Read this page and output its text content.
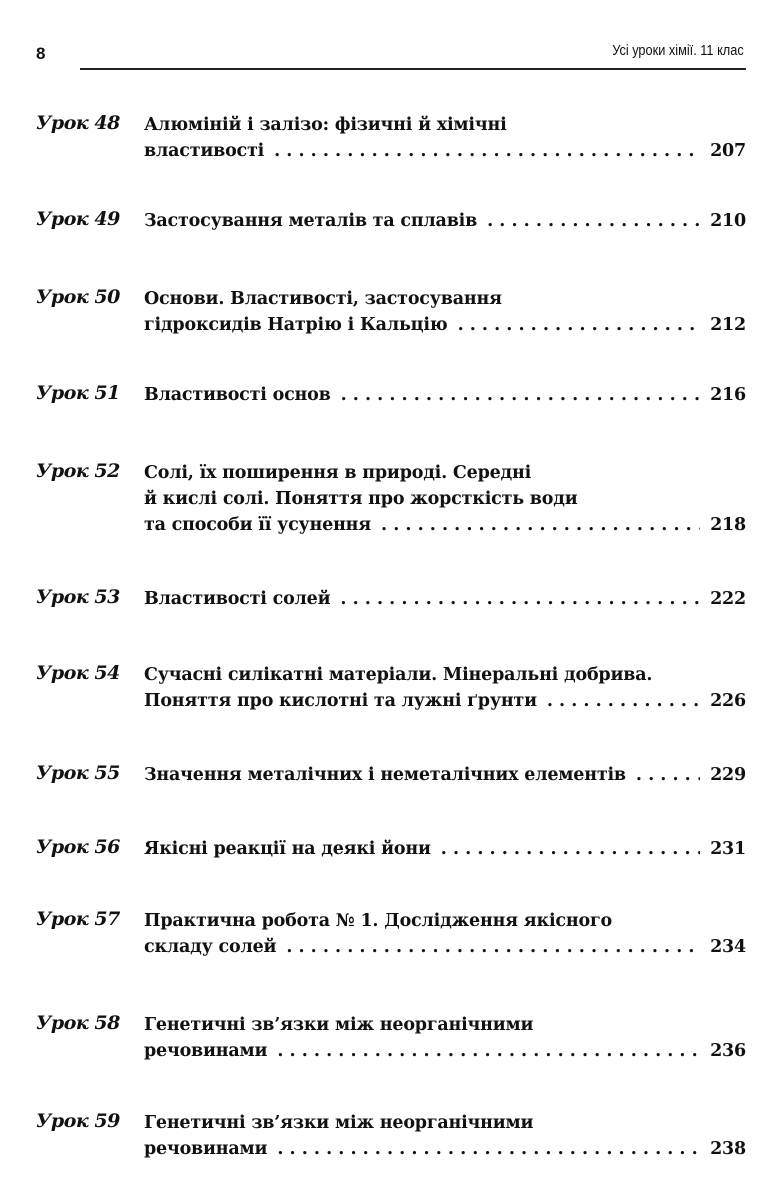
8	Усі уроки хімії. 11 клас
Урок 48 Алюміній і залізо: фізичні й хімічні
властивості . . .	207
Урок 49 Застосування металів та сплавів . . .	210
Урок 50 Основи. Властивості, застосування
гідроксидів Натрію і Кальцію . . .	212
Урок 51 Властивості основ . . .	216
Урок 52 Солі, їх поширення в природі. Середні
й кислі солі. Поняття про жорсткість води
та способи її усунення . . .	218
Урок 53 Властивості солей . . .	222
Урок 54 Сучасні силікатні матеріали. Мінеральні добрива.
Поняття про кислотні та лужні ґрунти . . .	226
Урок 55 Значення металічних і неметалічних елементів . . .	229
Урок 56 Якісні реакції на деякі йони . . .	231
Урок 57 Практична робота № 1. Дослідження якісного
складу солей . . .	234
Урок 58 Генетичні зв’язки між неорганічними
речовинами . . .	236
Урок 59 Генетичні зв’язки між неорганічними
речовинами . . .	238
